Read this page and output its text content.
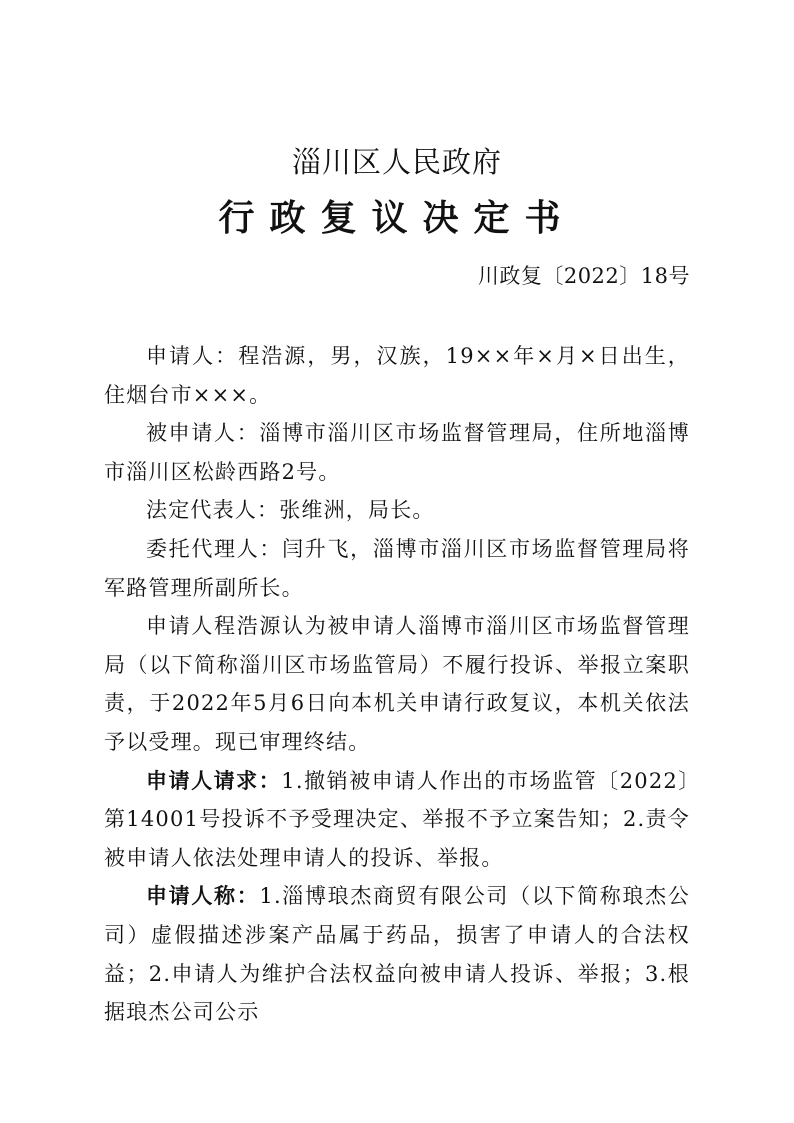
淄川区人民政府
行政复议决定书
川政复〔2022〕18号

申请人：程浩源，男，汉族，19××年×月×日出生，住烟台市×××。

被申请人：淄博市淄川区市场监督管理局，住所地淄博市淄川区松龄西路2号。

法定代表人：张维洲，局长。

委托代理人：闫升飞，淄博市淄川区市场监督管理局将军路管理所副所长。

申请人程浩源认为被申请人淄博市淄川区市场监督管理局（以下简称淄川区市场监管局）不履行投诉、举报立案职责，于2022年5月6日向本机关申请行政复议，本机关依法予以受理。现已审理终结。

申请人请求：1.撤销被申请人作出的市场监管〔2022〕第14001号投诉不予受理决定、举报不予立案告知；2.责令被申请人依法处理申请人的投诉、举报。

申请人称：1.淄博琅杰商贸有限公司（以下简称琅杰公司）虚假描述涉案产品属于药品，损害了申请人的合法权益；2.申请人为维护合法权益向被申请人投诉、举报；3.根据琅杰公司公示
